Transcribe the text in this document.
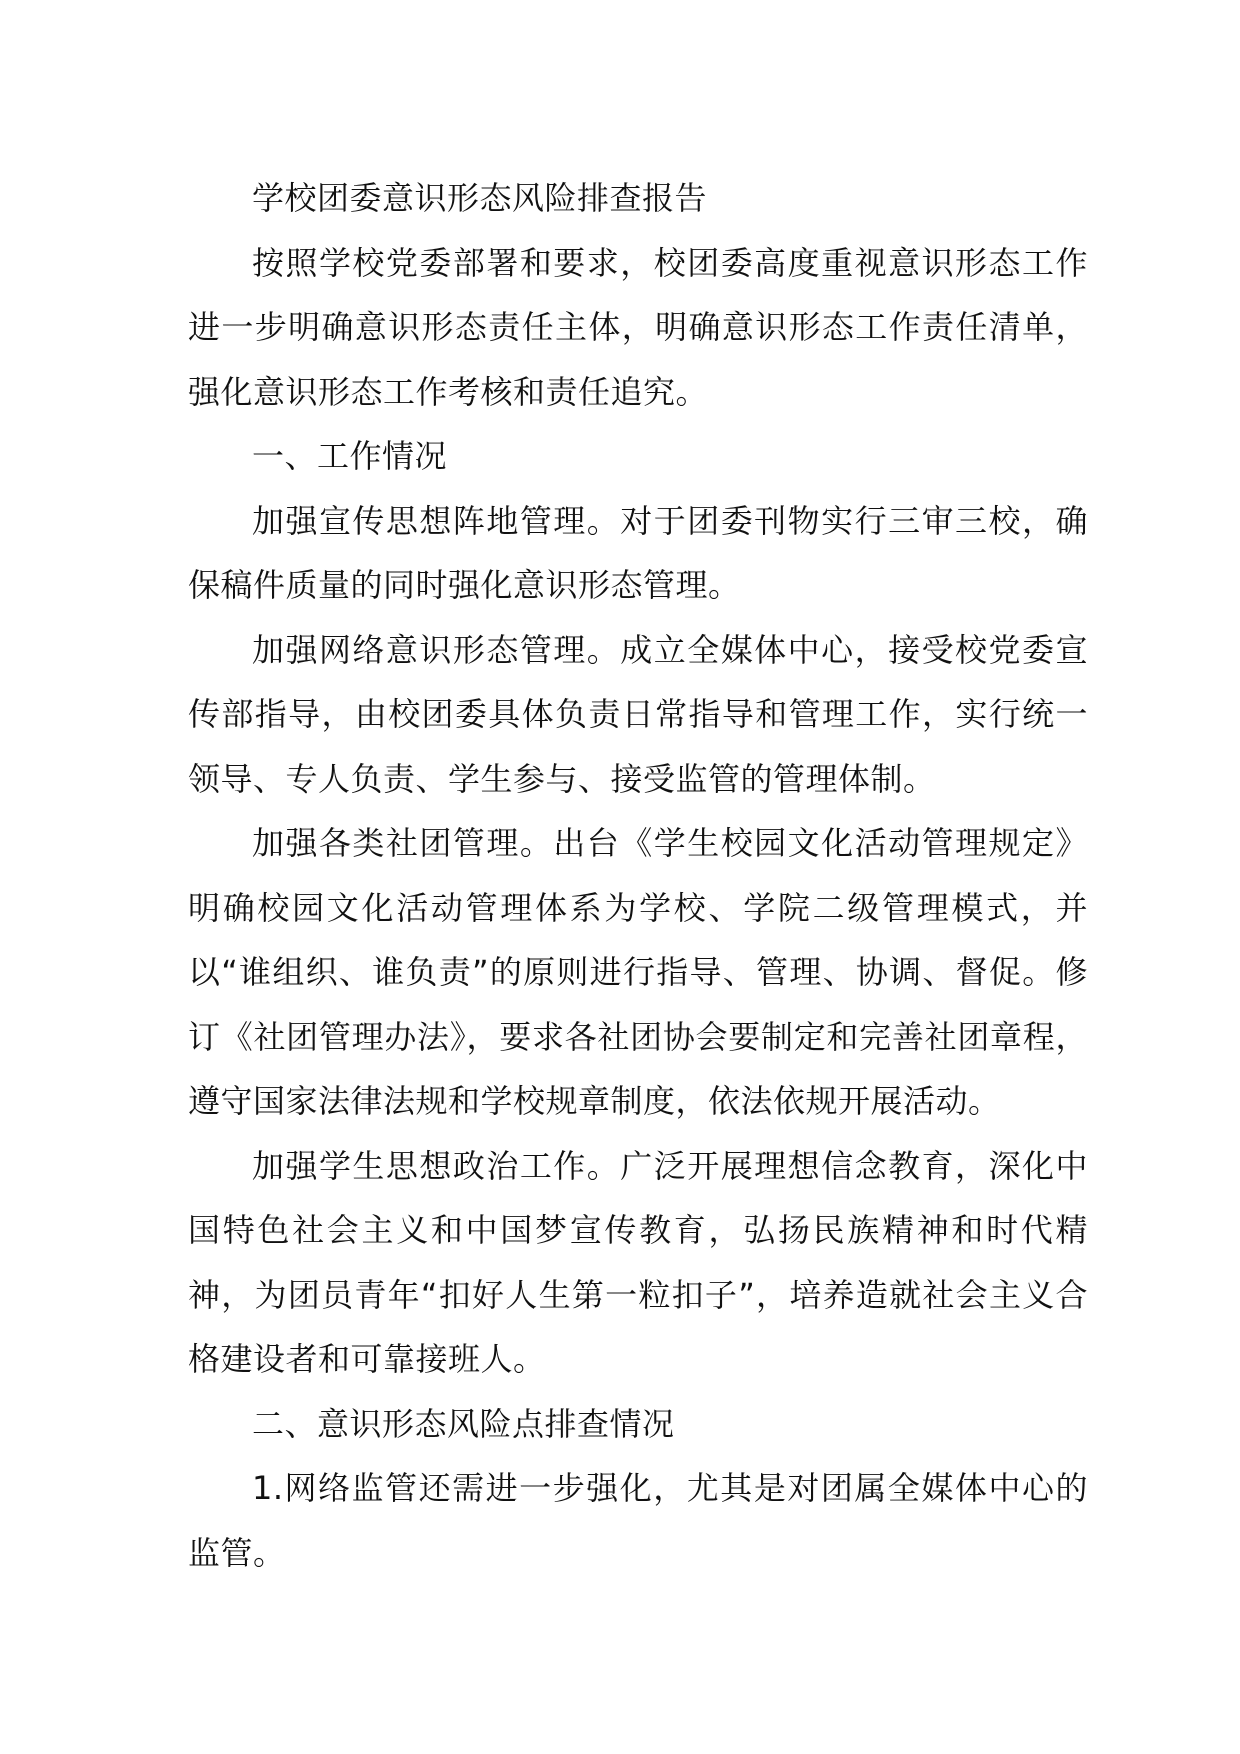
学校团委意识形态风险排查报告

按照学校党委部署和要求，校团委高度重视意识形态工作进一步明确意识形态责任主体，明确意识形态工作责任清单，强化意识形态工作考核和责任追究。

一、工作情况

加强宣传思想阵地管理。对于团委刊物实行三审三校，确保稿件质量的同时强化意识形态管理。

加强网络意识形态管理。成立全媒体中心，接受校党委宣传部指导，由校团委具体负责日常指导和管理工作，实行统一领导、专人负责、学生参与、接受监管的管理体制。

加强各类社团管理。出台《学生校园文化活动管理规定》明确校园文化活动管理体系为学校、学院二级管理模式，并以“谁组织、谁负责”的原则进行指导、管理、协调、督促。修订《社团管理办法》，要求各社团协会要制定和完善社团章程，遵守国家法律法规和学校规章制度，依法依规开展活动。

加强学生思想政治工作。广泛开展理想信念教育，深化中国特色社会主义和中国梦宣传教育，弘扬民族精神和时代精神，为团员青年“扣好人生第一粒扣子”，培养造就社会主义合格建设者和可靠接班人。

二、意识形态风险点排查情况

1.网络监管还需进一步强化，尤其是对团属全媒体中心的监管。
